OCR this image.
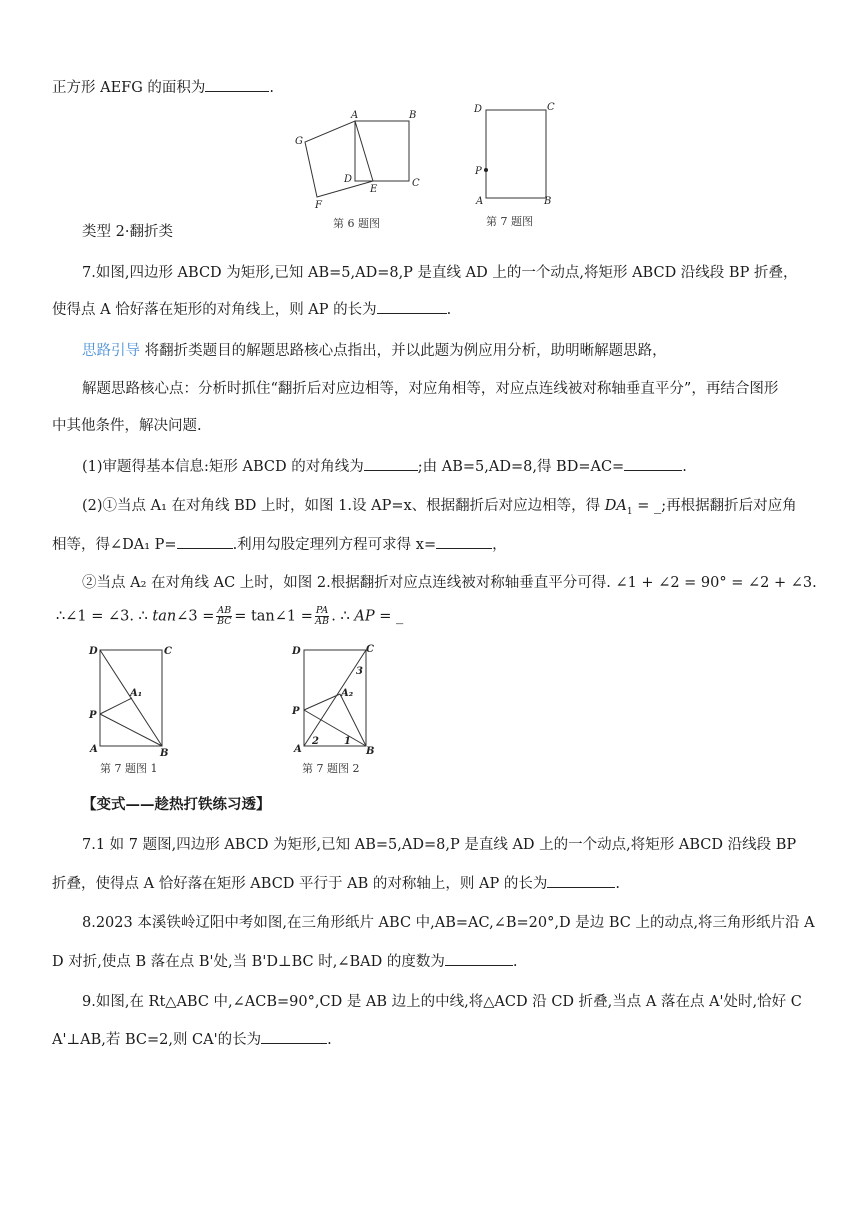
正方形 AEFG 的面积为	.
G
A	B
D
E
C
F
第 6 题图
D	C
P
A	B
第 7 题图
类型 2·翻折类
7.如图,四边形 ABCD 为矩形,已知 AB=5,AD=8,P 是直线 AD 上的一个动点,将矩形 ABCD 沿线段 BP 折叠，
使得点 A 恰好落在矩形的对角线上，则 AP 的长为	.
思路引导 将翻折类题目的解题思路核心点指出，并以此题为例应用分析，助明晰解题思路，
解题思路核心点：分析时抓住“翻折后对应边相等，对应角相等，对应点连线被对称轴垂直平分”，再结合图形
中其他条件，解决问题.
(1)审题得基本信息:矩形 ABCD 的对角线为	;由 AB=5,AD=8,得 BD=AC=	.
(2)①当点 A₁ 在对角线 BD 上时，如图 1.设 AP=x、根据翻折后对应边相等，得 $DA_1$ = _;再根据翻折后对应角
相等，得∠DA₁ P=	.利用勾股定理列方程可求得 x=	，
②当点 A₂ 在对角线 AC 上时，如图 2.根据翻折对应点连线被对称轴垂直平分可得. ∠1 + ∠2 = 90° = ∠2 + ∠3.
∴∠1 = ∠3. ∴ tan∠3 = $\frac{AB}{BC}$ = tan∠1 = $\frac{PA}{AB}$ . ∴ AP = _
D	C
A₁
P
A	B
第 7 题图 1
D	C
3
A₂
P
A
2	1
B
第 7 题图 2
【变式——趁热打铁练习透】
7.1 如 7 题图,四边形 ABCD 为矩形,已知 AB=5,AD=8,P 是直线 AD 上的一个动点,将矩形 ABCD 沿线段 BP
折叠，使得点 A 恰好落在矩形 ABCD 平行于 AB 的对称轴上，则 AP 的长为	.
8.2023 本溪铁岭辽阳中考如图,在三角形纸片 ABC 中,AB=AC,∠B=20°,D 是边 BC 上的动点,将三角形纸片沿 A
D 对折,使点 B 落在点 B'处,当 B'D⊥BC 时,∠BAD 的度数为	.
9.如图,在 Rt△ABC 中,∠ACB=90°,CD 是 AB 边上的中线,将△ACD 沿 CD 折叠,当点 A 落在点 A'处时,恰好 C
A'⊥AB,若 BC=2,则 CA'的长为	.
